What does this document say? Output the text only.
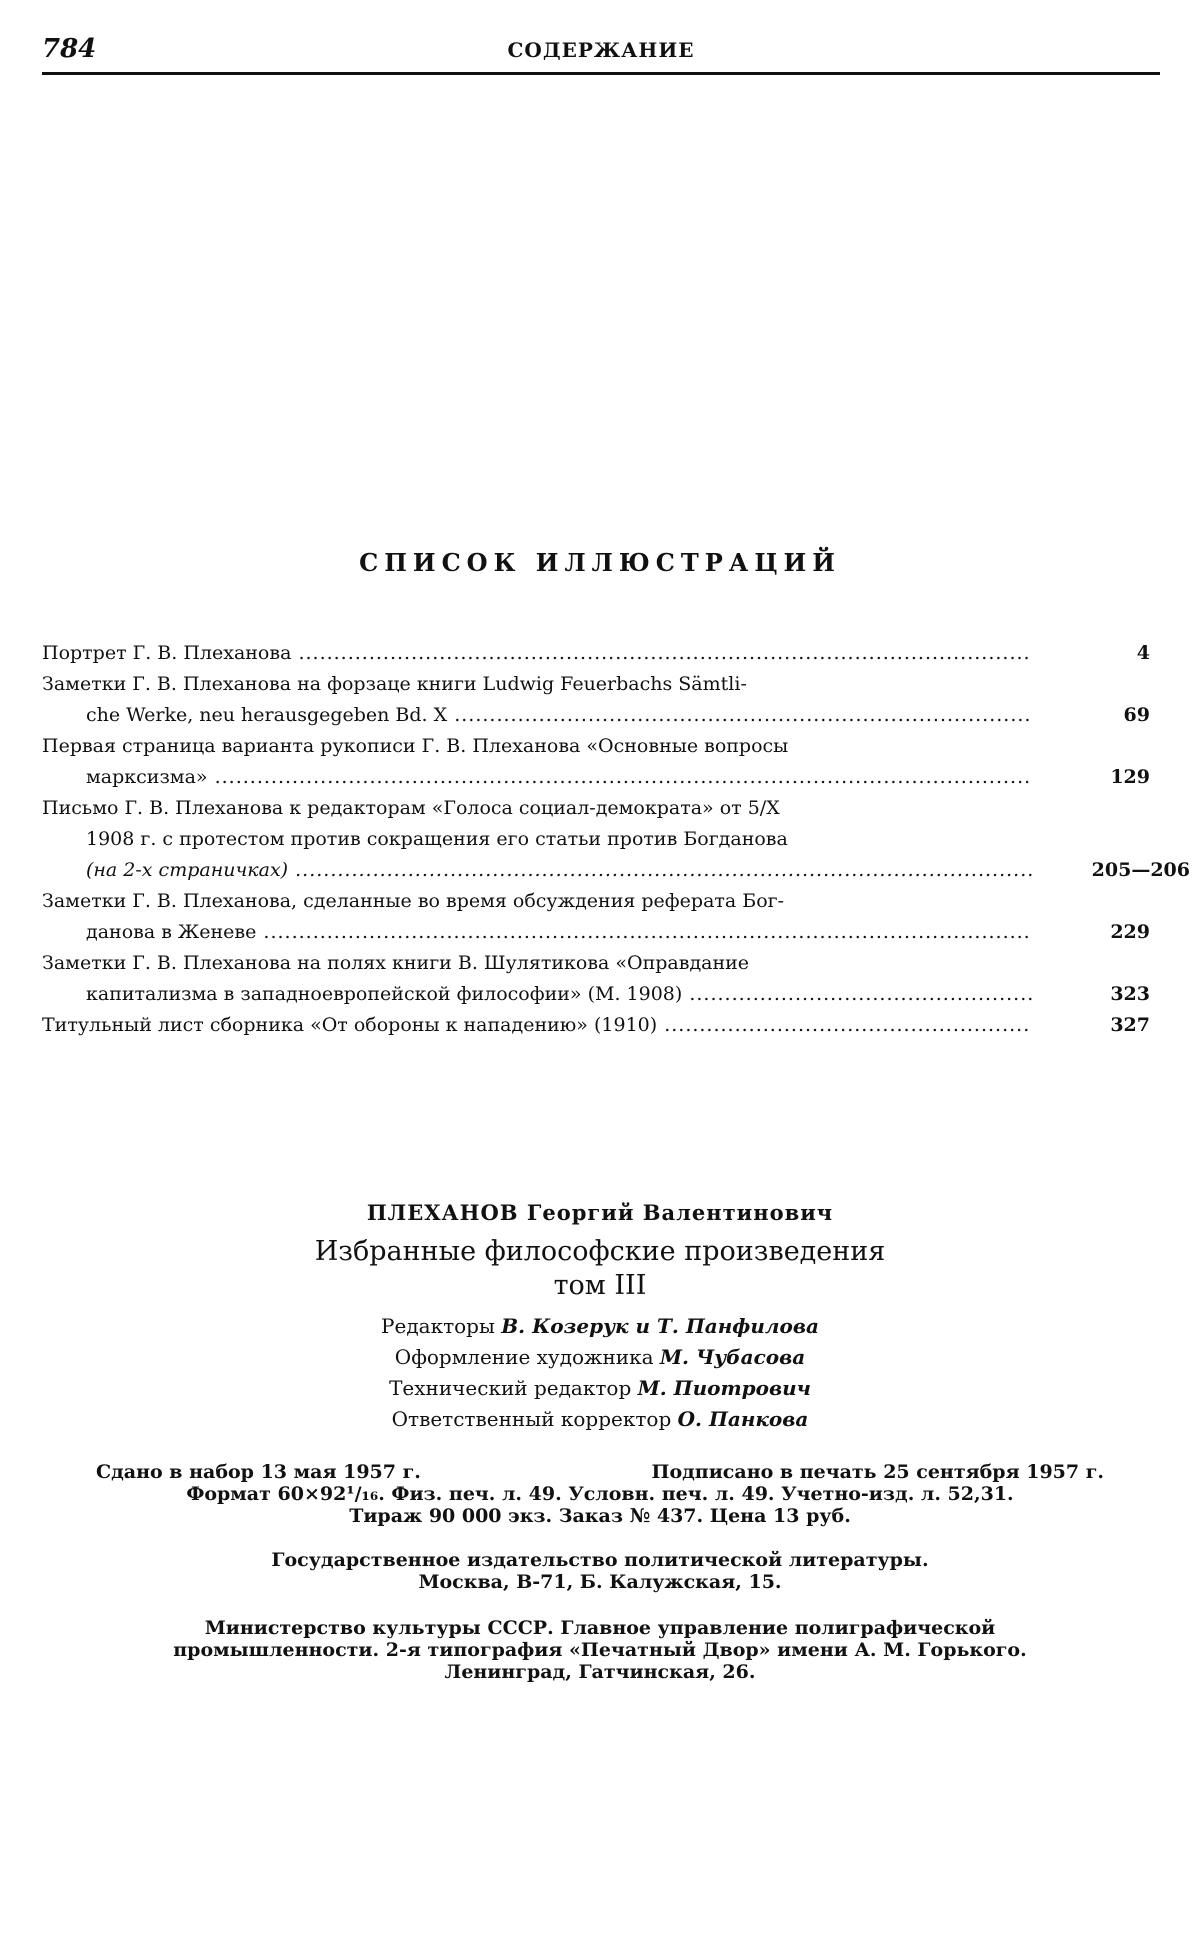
784	СОДЕРЖАНИЕ
СПИСОК ИЛЛЮСТРАЦИЙ
Портрет Г. В. Плеханова .....	4
Заметки Г. В. Плеханова на форзаце книги Ludwig Feuerbachs Sämtli-
che Werke, neu herausgegeben Bd. X .....	69
Первая страница варианта рукописи Г. В. Плеханова «Основные вопросы
марксизма» .....	129
Письмо Г. В. Плеханова к редакторам «Голоса социал-демократа» от 5/X
1908 г. с протестом против сокращения его статьи против Богданова
(на 2-х страничках) .....	205—206
Заметки Г. В. Плеханова, сделанные во время обсуждения реферата Бог-
данова в Женеве .....	229
Заметки Г. В. Плеханова на полях книги В. Шулятикова «Оправдание
капитализма в западноевропейской философии» (М. 1908) .....	323
Титульный лист сборника «От обороны к нападению» (1910) .....	327
ПЛЕХАНОВ Георгий Валентинович
Избранные философские произведения
том III
Редакторы В. Козерук и Т. Панфилова
Оформление художника М. Чубасова
Технический редактор М. Пиотрович
Ответственный корректор О. Панкова
Сдано в набор 13 мая 1957 г.	Подписано в печать 25 сентября 1957 г.
Формат 60×92¹/₁₆. Физ. печ. л. 49. Условн. печ. л. 49. Учетно-изд. л. 52,31.
Тираж 90 000 экз. Заказ № 437. Цена 13 руб.
Государственное издательство политической литературы.
Москва, В-71, Б. Калужская, 15.
Министерство культуры СССР. Главное управление полиграфической
промышленности. 2-я типография «Печатный Двор» имени А. М. Горького.
Ленинград, Гатчинская, 26.
